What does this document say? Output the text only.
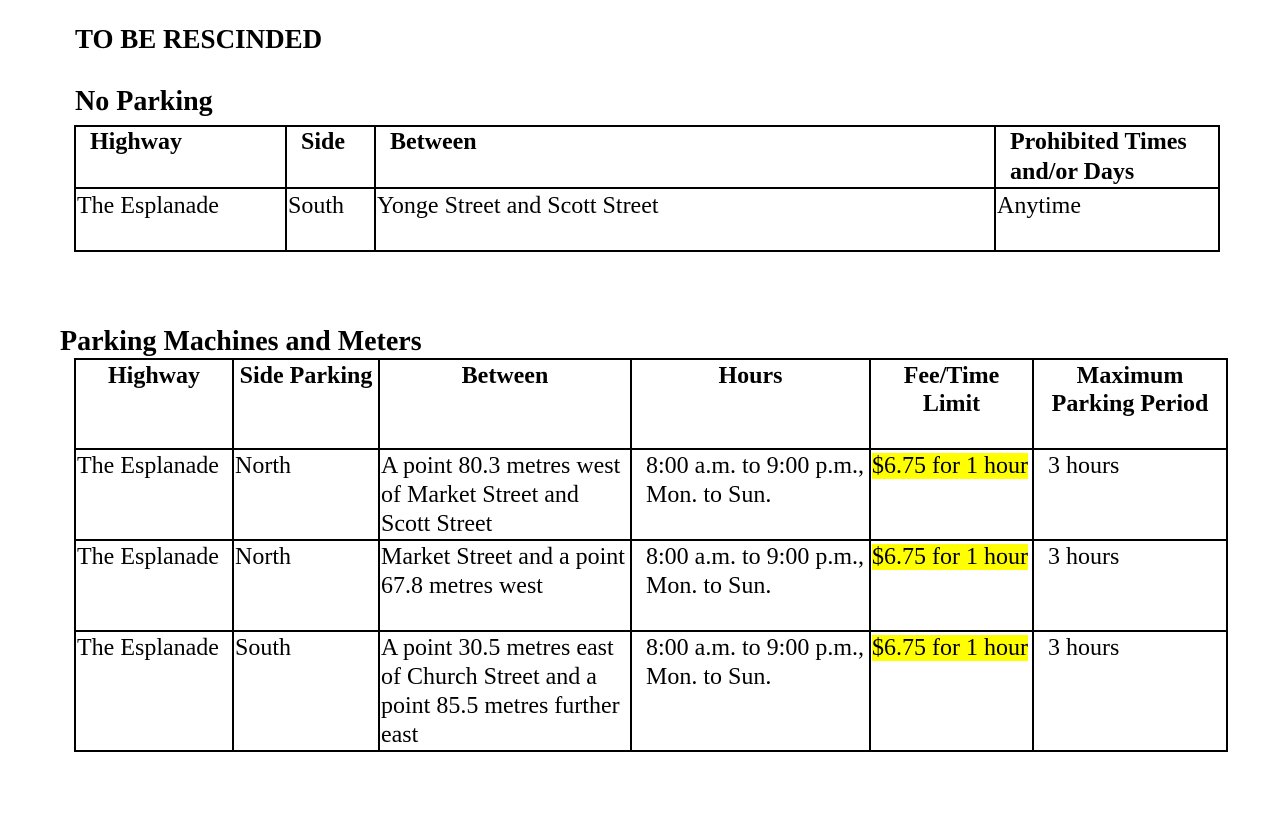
TO BE RESCINDED
No Parking
Highway	Side	Between	Prohibited Times and/or Days
The Esplanade	South	Yonge Street and Scott Street	Anytime
Parking Machines and Meters
Highway	Side Parking	Between	Hours	Fee/Time Limit	Maximum Parking Period
The Esplanade	North	A point 80.3 metres west of Market Street and Scott Street	8:00 a.m. to 9:00 p.m., Mon. to Sun.	$6.75 for 1 hour	3 hours
The Esplanade	North	Market Street and a point 67.8 metres west	8:00 a.m. to 9:00 p.m., Mon. to Sun.	$6.75 for 1 hour	3 hours
The Esplanade	South	A point 30.5 metres east of Church Street and a point 85.5 metres further east	8:00 a.m. to 9:00 p.m., Mon. to Sun.	$6.75 for 1 hour	3 hours
